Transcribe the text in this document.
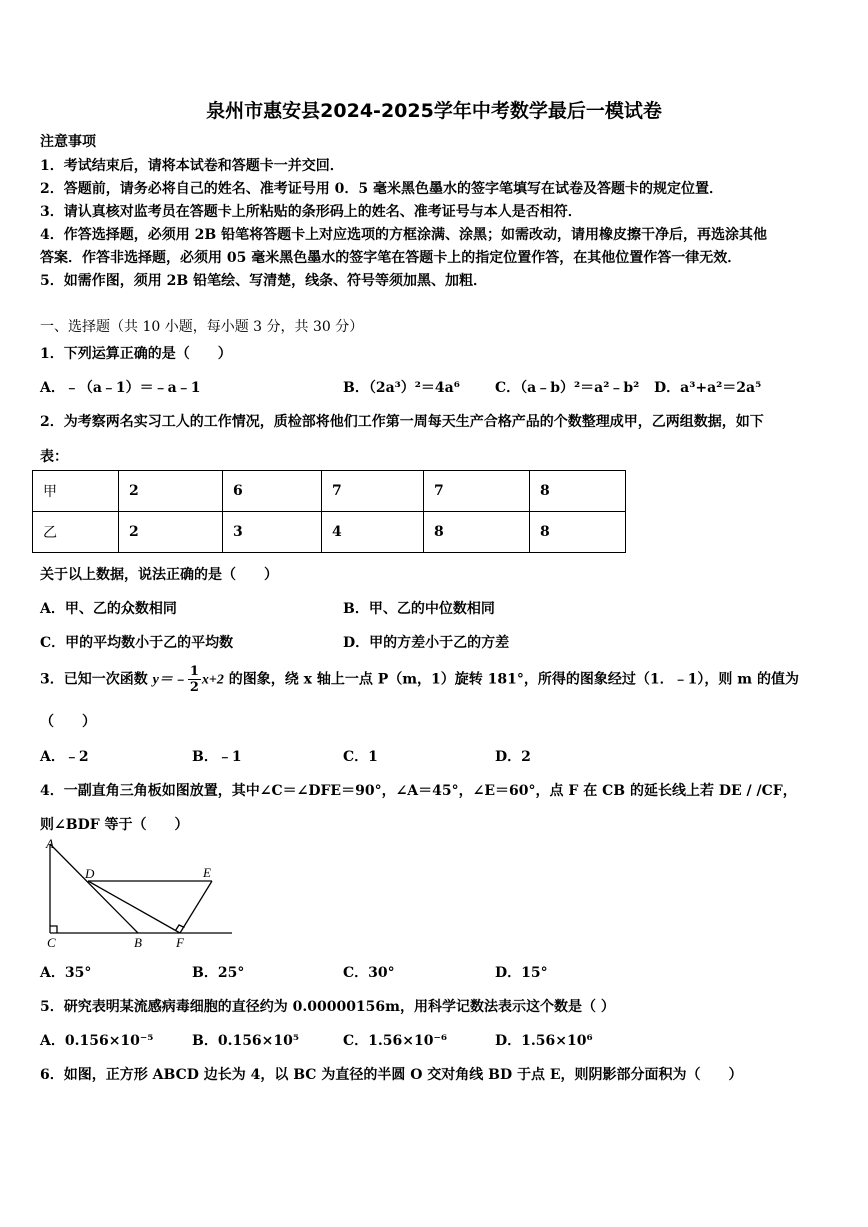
泉州市惠安县2024-2025学年中考数学最后一模试卷
注意事项
1．考试结束后，请将本试卷和答题卡一并交回．
2．答题前，请务必将自己的姓名、准考证号用 0．5 毫米黑色墨水的签字笔填写在试卷及答题卡的规定位置．
3．请认真核对监考员在答题卡上所粘贴的条形码上的姓名、准考证号与本人是否相符．
4．作答选择题，必须用 2B 铅笔将答题卡上对应选项的方框涂满、涂黑；如需改动，请用橡皮擦干净后，再选涂其他
答案．作答非选择题，必须用 05 毫米黑色墨水的签字笔在答题卡上的指定位置作答，在其他位置作答一律无效．
5．如需作图，须用 2B 铅笔绘、写清楚，线条、符号等须加黑、加粗．
一、选择题（共 10 小题，每小题 3 分，共 30 分）
1．下列运算正确的是（　　）
A．﹣（a﹣1）＝﹣a﹣1	B．（2a³）²＝4a⁶	C．（a﹣b）²＝a²﹣b² D．a³+a²＝2a⁵
2．为考察两名实习工人的工作情况，质检部将他们工作第一周每天生产合格产品的个数整理成甲，乙两组数据，如下
表：
甲	2	6	7	7	8
乙	2	3	4	8	8
关于以上数据，说法正确的是（　　）
A．甲、乙的众数相同	B．甲、乙的中位数相同
C．甲的平均数小于乙的平均数	D．甲的方差小于乙的方差
3．已知一次函数 y＝﹣ $\frac{1}{2} x+2$ 的图象，绕 x 轴上一点 P（m，1）旋转 181°，所得的图象经过（1．﹣1），则 m 的值为
（　　）
A．﹣2	B．﹣1	C．1	D．2
4．一副直角三角板如图放置，其中∠C＝∠DFE＝90°，∠A＝45°，∠E＝60°，点 F 在 CB 的延长线上若 DE / /CF，
则∠BDF 等于（　　）
A
D	E
C	B	F
A．35°	B．25°	C．30°	D．15°
5．研究表明某流感病毒细胞的直径约为 0.00000156m，用科学记数法表示这个数是（ ）
A．0.156×10⁻⁵	B．0.156×10⁵	C．1.56×10⁻⁶	D．1.56×10⁶
6．如图，正方形 ABCD 边长为 4，以 BC 为直径的半圆 O 交对角线 BD 于点 E，则阴影部分面积为（　　）
